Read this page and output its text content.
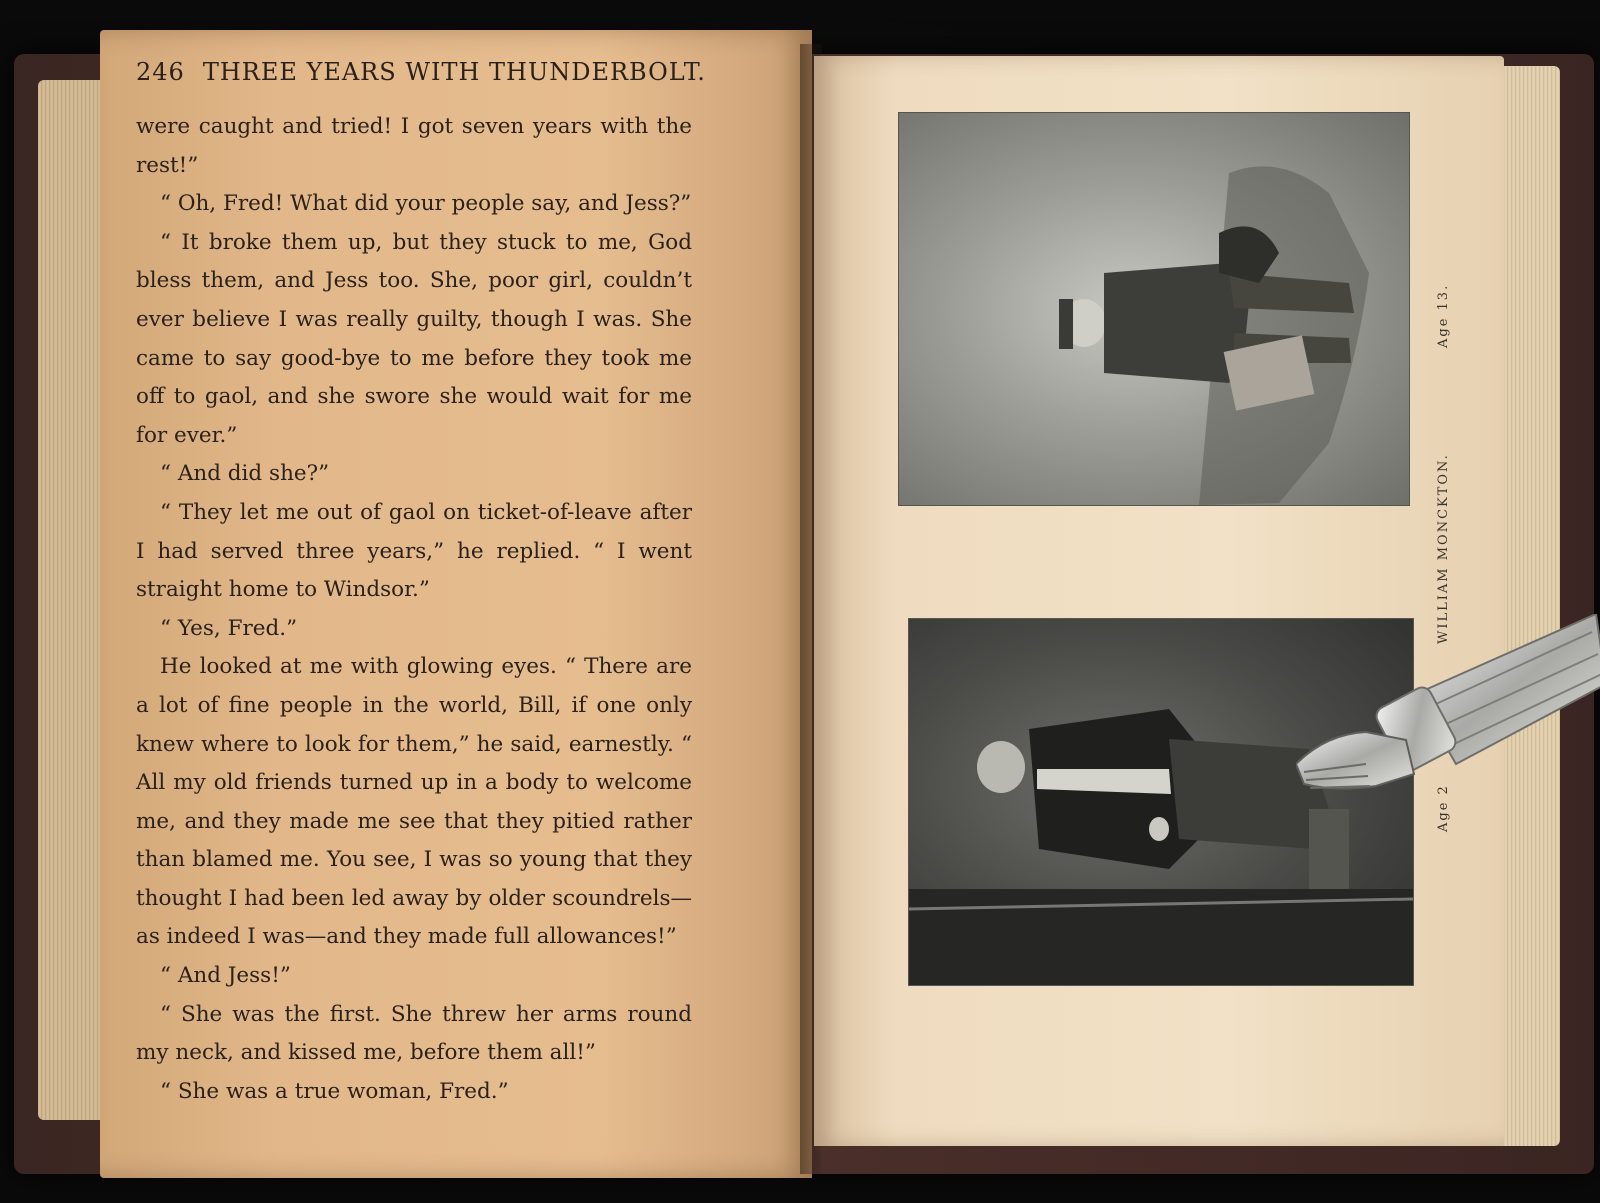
246 THREE YEARS WITH THUNDERBOLT.

were caught and tried! I got seven years with the rest!”

“ Oh, Fred! What did your people say, and Jess?”

“ It broke them up, but they stuck to me, God bless them, and Jess too. She, poor girl, couldn’t ever believe I was really guilty, though I was. She came to say good-bye to me before they took me off to gaol, and she swore she would wait for me for ever.”

“ And did she?”

“ They let me out of gaol on ticket-of-leave after I had served three years,” he replied. “ I went straight home to Windsor.”

“ Yes, Fred.”

He looked at me with glowing eyes. “ There are a lot of fine people in the world, Bill, if one only knew where to look for them,” he said, earnestly. “ All my old friends turned up in a body to welcome me, and they made me see that they pitied rather than blamed me. You see, I was so young that they thought I had been led away by older scoundrels—as indeed I was—and they made full allowances!”

“ And Jess!”

“ She was the first. She threw her arms round my neck, and kissed me, before them all!”

“ She was a true woman, Fred.”

Age 13.
WILLIAM MONCKTON.
Age 2
